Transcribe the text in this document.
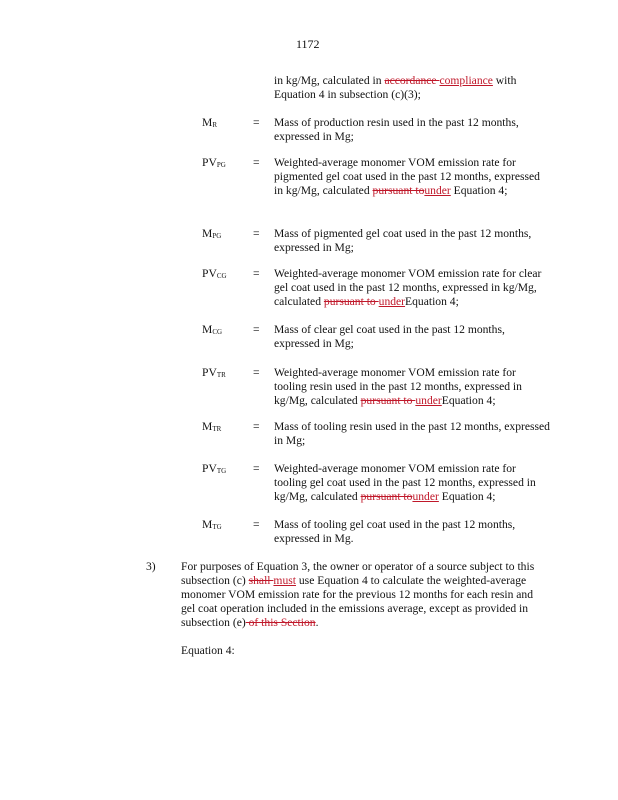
1172
in kg/Mg, calculated in accordance compliance with
Equation 4 in subsection (c)(3);
$M_R$	= Mass of production resin used in the past 12 months, expressed in Mg;
$PV_{PG}$ = Weighted-average monomer VOM emission rate for pigmented gel coat used in the past 12 months, expressed in kg/Mg, calculated pursuant tounder Equation 4;
$M_{PG}$	= Mass of pigmented gel coat used in the past 12 months, expressed in Mg;
$PV_{CG}$ = Weighted-average monomer VOM emission rate for clear gel coat used in the past 12 months, expressed in kg/Mg, calculated pursuant to underEquation 4;
$M_{CG}$	= Mass of clear gel coat used in the past 12 months, expressed in Mg;
$PV_{TR}$ = Weighted-average monomer VOM emission rate for tooling resin used in the past 12 months, expressed in kg/Mg, calculated pursuant to underEquation 4;
$M_{TR}$	= Mass of tooling resin used in the past 12 months, expressed in Mg;
$PV_{TG}$ = Weighted-average monomer VOM emission rate for tooling gel coat used in the past 12 months, expressed in kg/Mg, calculated pursuant tounder Equation 4;
$M_{TG}$	= Mass of tooling gel coat used in the past 12 months, expressed in Mg.
3) For purposes of Equation 3, the owner or operator of a source subject to this subsection (c) shall must use Equation 4 to calculate the weighted-average monomer VOM emission rate for the previous 12 months for each resin and gel coat operation included in the emissions average, except as provided in subsection (e) of this Section.
Equation 4:
